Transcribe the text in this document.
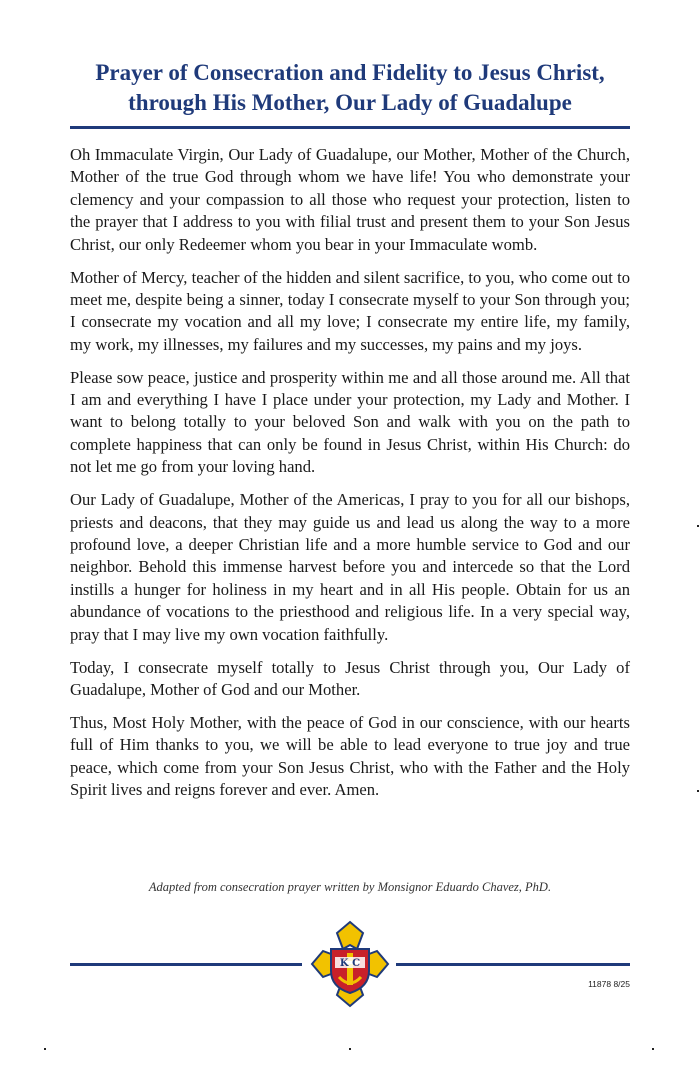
Prayer of Consecration and Fidelity to Jesus Christ,
through His Mother, Our Lady of Guadalupe

Oh Immaculate Virgin, Our Lady of Guadalupe, our Mother, Mother of the Church, Mother of the true God through whom we have life! You who demonstrate your clemency and your compassion to all those who request your protection, listen to the prayer that I address to you with filial trust and present them to your Son Jesus Christ, our only Redeemer whom you bear in your Immaculate womb.

Mother of Mercy, teacher of the hidden and silent sacrifice, to you, who come out to meet me, despite being a sinner, today I consecrate myself to your Son through you; I consecrate my vocation and all my love; I consecrate my entire life, my family, my work, my illnesses, my failures and my successes, my pains and my joys.

Please sow peace, justice and prosperity within me and all those around me. All that I am and everything I have I place under your protection, my Lady and Mother. I want to belong totally to your beloved Son and walk with you on the path to complete happiness that can only be found in Jesus Christ, within His Church: do not let me go from your loving hand.

Our Lady of Guadalupe, Mother of the Americas, I pray to you for all our bishops, priests and deacons, that they may guide us and lead us along the way to a more profound love, a deeper Christian life and a more humble service to God and our neighbor. Behold this immense harvest before you and intercede so that the Lord instills a hunger for holiness in my heart and in all His people. Obtain for us an abundance of vocations to the priesthood and religious life. In a very special way, pray that I may live my own vocation faithfully.

Today, I consecrate myself totally to Jesus Christ through you, Our Lady of Guadalupe, Mother of God and our Mother.

Thus, Most Holy Mother, with the peace of God in our conscience, with our hearts full of Him thanks to you, we will be able to lead everyone to true joy and true peace, which come from your Son Jesus Christ, who with the Father and the Holy Spirit lives and reigns forever and ever. Amen.

Adapted from consecration prayer written by Monsignor Eduardo Chavez, PhD.
K C
11878 8/25
